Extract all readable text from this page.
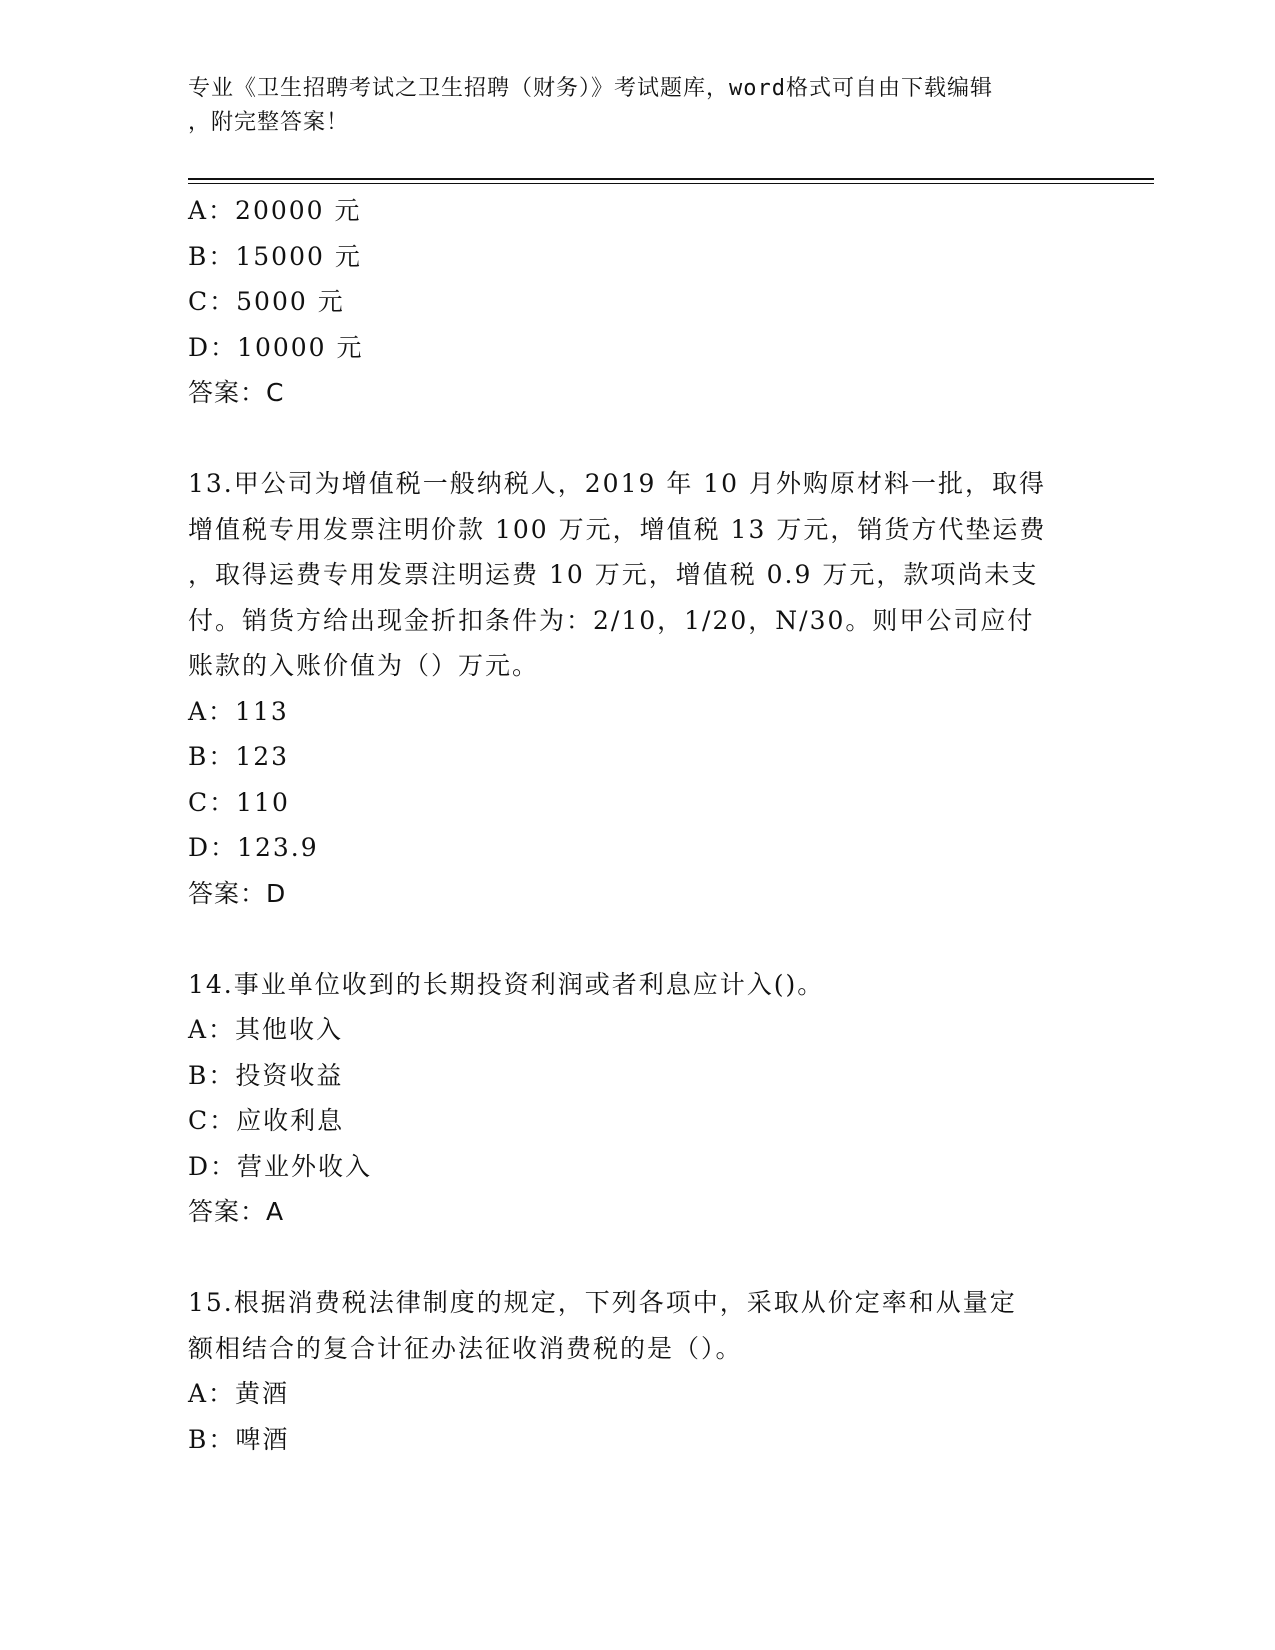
专业《卫生招聘考试之卫生招聘（财务）》考试题库，word格式可自由下载编辑
，附完整答案！
A：20000 元
B：15000 元
C：5000 元
D：10000 元
答案：C
13.甲公司为增值税一般纳税人，2019 年 10 月外购原材料一批，取得
增值税专用发票注明价款 100 万元，增值税 13 万元，销货方代垫运费
，取得运费专用发票注明运费 10 万元，增值税 0.9 万元，款项尚未支
付。销货方给出现金折扣条件为：2/10，1/20，N/30。则甲公司应付
账款的入账价值为（）万元。
A：113
B：123
C：110
D：123.9
答案：D
14.事业单位收到的长期投资利润或者利息应计入()。
A：其他收入
B：投资收益
C：应收利息
D：营业外收入
答案：A
15.根据消费税法律制度的规定，下列各项中，采取从价定率和从量定
额相结合的复合计征办法征收消费税的是（）。
A：黄酒
B：啤酒
